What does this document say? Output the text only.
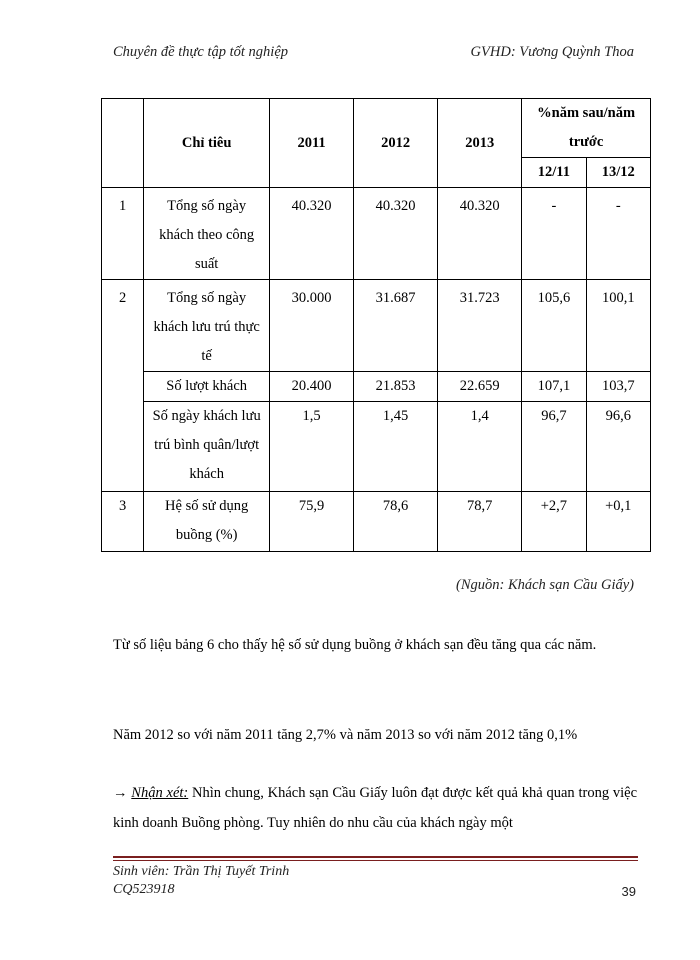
Chuyên đề thực tập tốt nghiệp	GVHD: Vương Quỳnh Thoa
	Chỉ tiêu	2011	2012	2013	%năm sau/năm trước	
					12/11	13/12

1	Tổng số ngày khách theo công suất	40.320	40.320	40.320	-	-

2	Tổng số ngày khách lưu trú thực tế	30.000	31.687	31.723	105,6	100,1

	Số lượt khách	20.400	21.853	22.659	107,1	103,7

	Số ngày khách lưu trú bình quân/lượt khách	1,5	1,45	1,4	96,7	96,6

3	Hệ số sử dụng buồng (%)	75,9	78,6	78,7	+2,7	+0,1
(Nguồn: Khách sạn Cầu Giấy)
Từ số liệu bảng 6 cho thấy hệ số sử dụng buồng ở khách sạn đều tăng qua các năm.
Năm 2012 so với năm 2011 tăng 2,7% và năm 2013 so với năm 2012 tăng 0,1%
→ Nhận xét: Nhìn chung, Khách sạn Cầu Giấy luôn đạt được kết quả khả quan trong việc kinh doanh Buồng phòng. Tuy nhiên do nhu cầu của khách ngày một
Sinh viên: Trần Thị Tuyết Trinh
CQ523918	39
